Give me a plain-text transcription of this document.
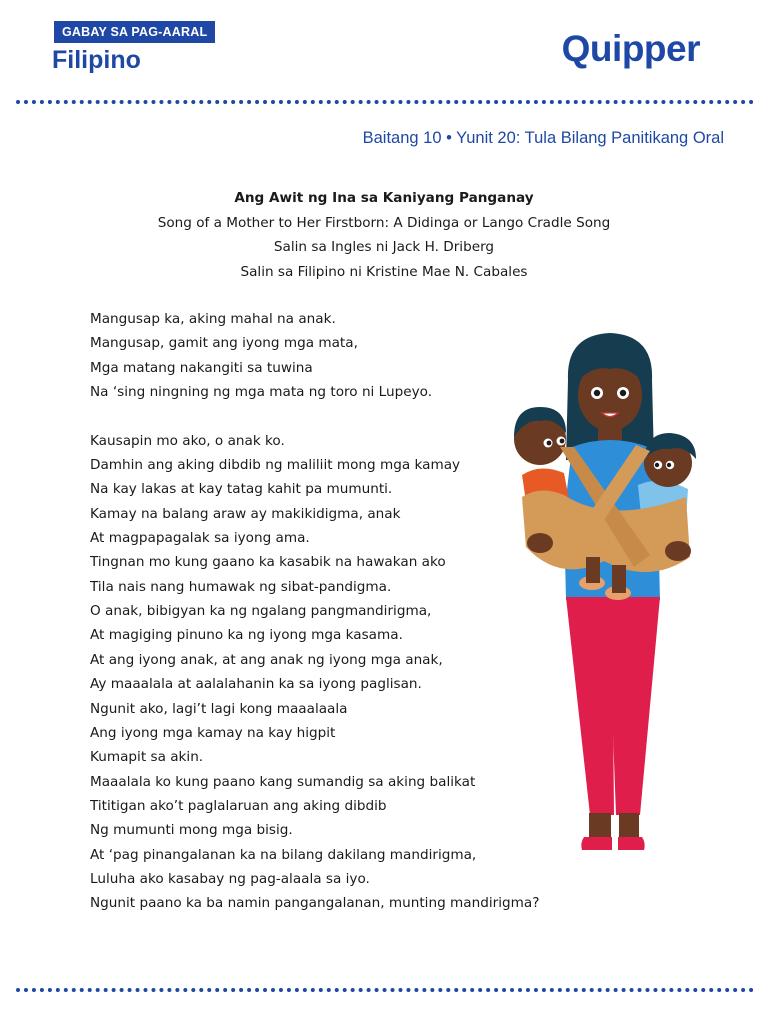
GABAY SA PAG-AARAL
Filipino	Quipper
Baitang 10 • Yunit 20: Tula Bilang Panitikang Oral
Ang Awit ng Ina sa Kaniyang Panganay
Song of a Mother to Her Firstborn: A Didinga or Lango Cradle Song
Salin sa Ingles ni Jack H. Driberg
Salin sa Filipino ni Kristine Mae N. Cabales
Mangusap ka, aking mahal na anak.
Mangusap, gamit ang iyong mga mata,
Mga matang nakangiti sa tuwina
Na ‘sing ningning ng mga mata ng toro ni Lupeyo.
Kausapin mo ako, o anak ko.
Damhin ang aking dibdib ng maliliit mong mga kamay
Na kay lakas at kay tatag kahit pa mumunti.
Kamay na balang araw ay makikidigma, anak
At magpapagalak sa iyong ama.
Tingnan mo kung gaano ka kasabik na hawakan ako
Tila nais nang humawak ng sibat-pandigma.
O anak, bibigyan ka ng ngalang pangmandirigma,
At magiging pinuno ka ng iyong mga kasama.
At ang iyong anak, at ang anak ng iyong mga anak,
Ay maaalala at aalalahanin ka sa iyong paglisan.
Ngunit ako, lagi’t lagi kong maaalaala
Ang iyong mga kamay na kay higpit
Kumapit sa akin.
Maaalala ko kung paano kang sumandig sa aking balikat
Tititigan ako’t paglalaruan ang aking dibdib
Ng mumunti mong mga bisig.
At ‘pag pinangalanan ka na bilang dakilang mandirigma,
Luluha ako kasabay ng pag-alaala sa iyo.
Ngunit paano ka ba namin pangangalanan, munting mandirigma?
